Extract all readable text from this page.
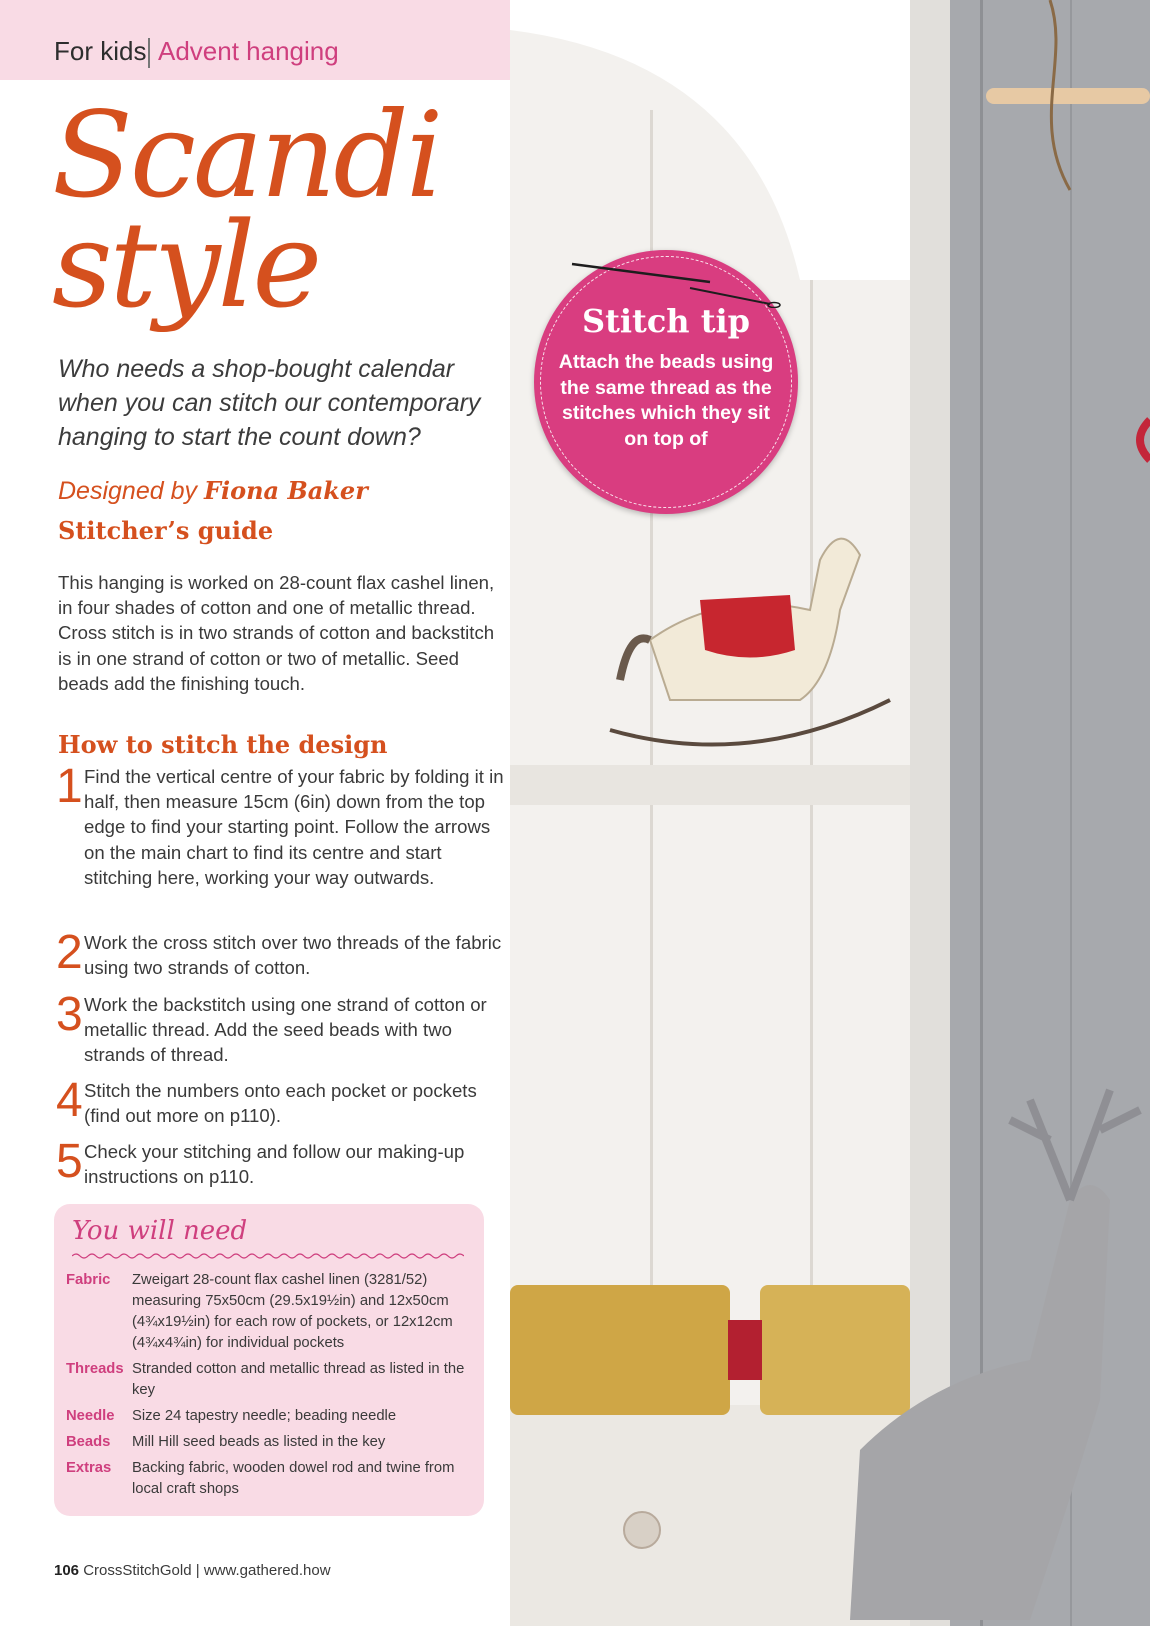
For kids Advent hanging
Scandi
style
Who needs a shop-bought calendar when you can stitch our contemporary hanging to start the count down?
Designed by Fiona Baker
Stitcher’s guide
This hanging is worked on 28-count flax cashel linen, in four shades of cotton and one of metallic thread. Cross stitch is in two strands of cotton and backstitch is in one strand of cotton or two of metallic. Seed beads add the finishing touch.
How to stitch the design
1 Find the vertical centre of your fabric by folding it in half, then measure 15cm (6in) down from the top edge to find your starting point. Follow the arrows on the main chart to find its centre and start stitching here, working your way outwards.
2 Work the cross stitch over two threads of the fabric using two strands of cotton.
3 Work the backstitch using one strand of cotton or metallic thread. Add the seed beads with two strands of thread.
4 Stitch the numbers onto each pocket or pockets (find out more on p110).
5 Check your stitching and follow our making-up instructions on p110.
You will need
Fabric	Zweigart 28-count flax cashel linen (3281/52) measuring 75x50cm (29.5x19½in) and 12x50cm (4¾x19½in) for each row of pockets, or 12x12cm (4¾x4¾in) for individual pockets
Threads	Stranded cotton and metallic thread as listed in the key
Needle	Size 24 tapestry needle; beading needle
Beads	Mill Hill seed beads as listed in the key
Extras	Backing fabric, wooden dowel rod and twine from local craft shops
106 CrossStitchGold | www.gathered.how
Stitch tip
Attach the beads using the same thread as the stitches which they sit on top of
